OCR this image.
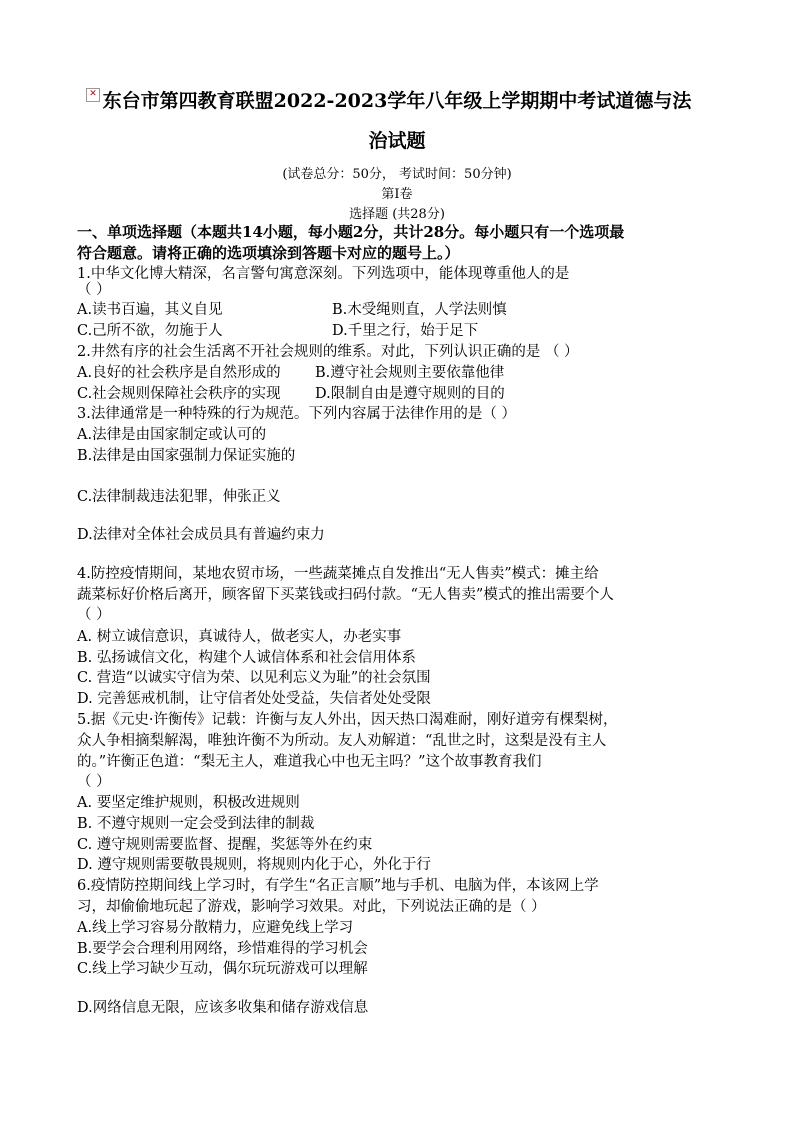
✕ 东台市第四教育联盟2022-2023学年八年级上学期期中考试道德与法
治试题
(试卷总分：50分， 考试时间：50分钟)
第Ⅰ卷
选择题 (共28分)
一、单项选择题（本题共14小题，每小题2分，共计28分。每小题只有一个选项最
符合题意。请将正确的选项填涂到答题卡对应的题号上。）
1.中华文化博大精深，名言警句寓意深刻。下列选项中，能体现尊重他人的是
（ ）
A.读书百遍，其义自见	B.木受绳则直，人学法则慎
C.己所不欲，勿施于人	D.千里之行，始于足下
2.井然有序的社会生活离不开社会规则的维系。对此，下列认识正确的是 （ ）
A.良好的社会秩序是自然形成的 B.遵守社会规则主要依靠他律
C.社会规则保障社会秩序的实现 D.限制自由是遵守规则的目的
3.法律通常是一种特殊的行为规范。下列内容属于法律作用的是（ ）
A.法律是由国家制定或认可的
B.法律是由国家强制力保证实施的
C.法律制裁违法犯罪，伸张正义
D.法律对全体社会成员具有普遍约束力
4.防控疫情期间，某地农贸市场，一些蔬菜摊点自发推出“无人售卖”模式：摊主给
蔬菜标好价格后离开，顾客留下买菜钱或扫码付款。“无人售卖”模式的推出需要个人
（ ）
A. 树立诚信意识，真诚待人，做老实人，办老实事
B. 弘扬诚信文化，构建个人诚信体系和社会信用体系
C. 营造“以诚实守信为荣、以见利忘义为耻”的社会氛围
D. 完善惩戒机制，让守信者处处受益，失信者处处受限
5.据《元史·许衡传》记载：许衡与友人外出，因天热口渴难耐，刚好道旁有棵梨树，
众人争相摘梨解渴，唯独许衡不为所动。友人劝解道：“乱世之时，这梨是没有主人
的。”许衡正色道：“梨无主人，难道我心中也无主吗？”这个故事教育我们
（ ）
A. 要坚定维护规则，积极改进规则
B. 不遵守规则一定会受到法律的制裁
C. 遵守规则需要监督、提醒，奖惩等外在约束
D. 遵守规则需要敬畏规则，将规则内化于心，外化于行
6.疫情防控期间线上学习时，有学生“名正言顺”地与手机、电脑为伴，本该网上学
习，却偷偷地玩起了游戏，影响学习效果。对此，下列说法正确的是（ ）
A.线上学习容易分散精力，应避免线上学习
B.要学会合理利用网络，珍惜难得的学习机会
C.线上学习缺少互动，偶尔玩玩游戏可以理解
D.网络信息无限，应该多收集和储存游戏信息
